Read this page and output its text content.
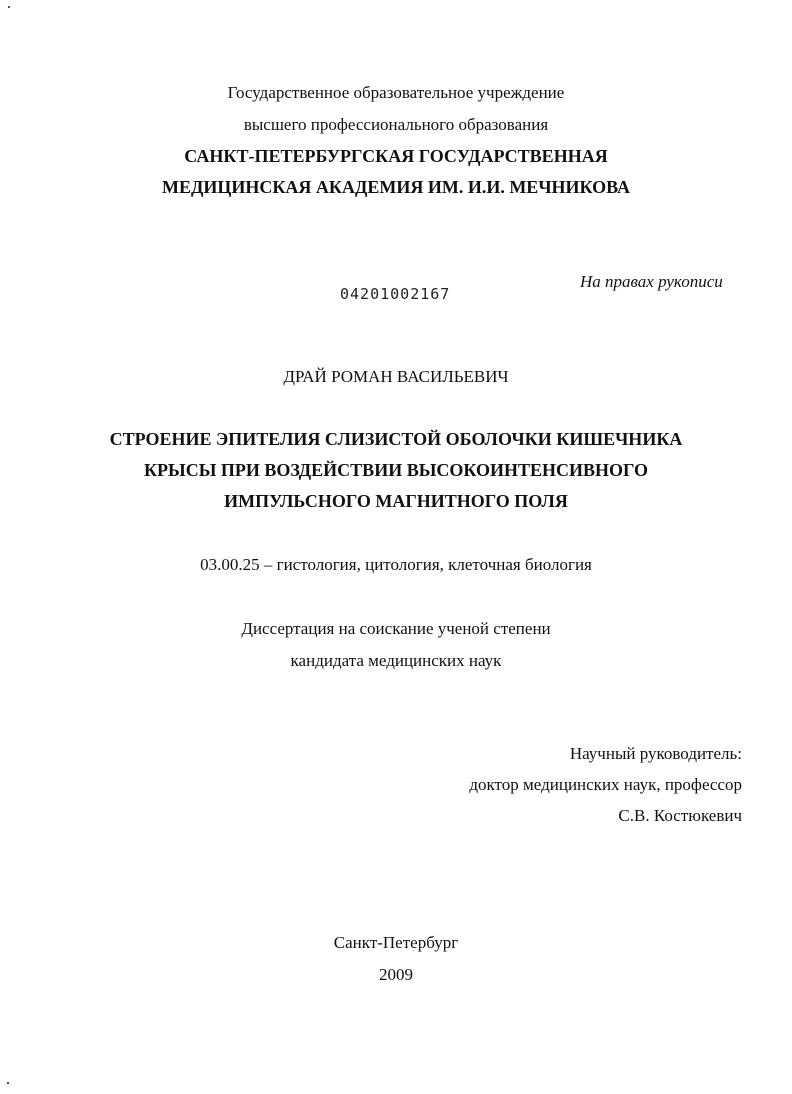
Государственное образовательное учреждение
высшего профессионального образования
САНКТ-ПЕТЕРБУРГСКАЯ ГОСУДАРСТВЕННАЯ
МЕДИЦИНСКАЯ АКАДЕМИЯ ИМ. И.И. МЕЧНИКОВА
04201002167
На правах рукописи
ДРАЙ РОМАН ВАСИЛЬЕВИЧ
СТРОЕНИЕ ЭПИТЕЛИЯ СЛИЗИСТОЙ ОБОЛОЧКИ КИШЕЧНИКА
КРЫСЫ ПРИ ВОЗДЕЙСТВИИ ВЫСОКОИНТЕНСИВНОГО
ИМПУЛЬСНОГО МАГНИТНОГО ПОЛЯ
03.00.25 – гистология, цитология, клеточная биология
Диссертация на соискание ученой степени
кандидата медицинских наук
Научный руководитель:
доктор медицинских наук, профессор
С.В. Костюкевич
Санкт-Петербург
2009
